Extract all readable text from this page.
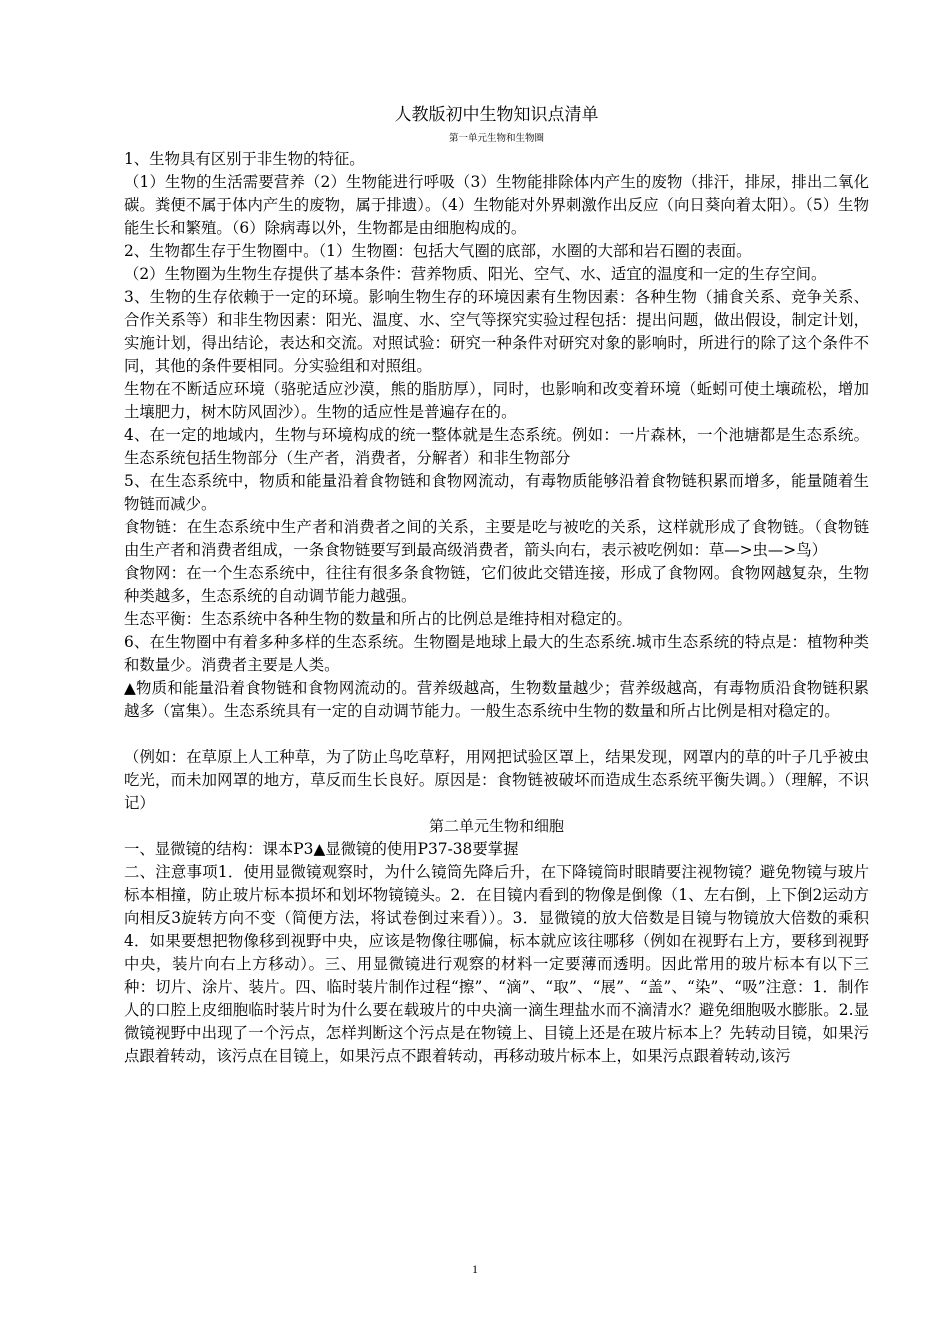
人教版初中生物知识点清单
第一单元生物和生物圈

1、生物具有区别于非生物的特征。

（1）生物的生活需要营养（2）生物能进行呼吸（3）生物能排除体内产生的废物（排汗，排尿，排出二氧化碳。粪便不属于体内产生的废物，属于排遗）。（4）生物能对外界刺激作出反应（向日葵向着太阳）。（5）生物能生长和繁殖。（6）除病毒以外，生物都是由细胞构成的。

2、生物都生存于生物圈中。（1）生物圈：包括大气圈的底部，水圈的大部和岩石圈的表面。

（2）生物圈为生物生存提供了基本条件：营养物质、阳光、空气、水、适宜的温度和一定的生存空间。

3、生物的生存依赖于一定的环境。影响生物生存的环境因素有生物因素：各种生物（捕食关系、竞争关系、合作关系等）和非生物因素：阳光、温度、水、空气等探究实验过程包括：提出问题，做出假设，制定计划，实施计划，得出结论，表达和交流。对照试验：研究一种条件对研究对象的影响时，所进行的除了这个条件不同，其他的条件要相同。分实验组和对照组。

生物在不断适应环境（骆驼适应沙漠，熊的脂肪厚），同时，也影响和改变着环境（蚯蚓可使土壤疏松，增加土壤肥力，树木防风固沙）。生物的适应性是普遍存在的。

4、在一定的地域内，生物与环境构成的统一整体就是生态系统。例如：一片森林，一个池塘都是生态系统。生态系统包括生物部分（生产者，消费者，分解者）和非生物部分

5、在生态系统中，物质和能量沿着食物链和食物网流动，有毒物质能够沿着食物链积累而增多，能量随着生物链而减少。

食物链：在生态系统中生产者和消费者之间的关系，主要是吃与被吃的关系，这样就形成了食物链。（食物链由生产者和消费者组成，一条食物链要写到最高级消费者，箭头向右，表示被吃例如：草—>虫—>鸟）

食物网：在一个生态系统中，往往有很多条食物链，它们彼此交错连接，形成了食物网。食物网越复杂，生物种类越多，生态系统的自动调节能力越强。

生态平衡：生态系统中各种生物的数量和所占的比例总是维持相对稳定的。

6、在生物圈中有着多种多样的生态系统。生物圈是地球上最大的生态系统.城市生态系统的特点是：植物种类和数量少。消费者主要是人类。

▲物质和能量沿着食物链和食物网流动的。营养级越高，生物数量越少；营养级越高，有毒物质沿食物链积累越多（富集）。生态系统具有一定的自动调节能力。一般生态系统中生物的数量和所占比例是相对稳定的。

（例如：在草原上人工种草，为了防止鸟吃草籽，用网把试验区罩上，结果发现，网罩内的草的叶子几乎被虫吃光，而未加网罩的地方，草反而生长良好。原因是：食物链被破坏而造成生态系统平衡失调。）（理解，不识记）

第二单元生物和细胞

一、显微镜的结构：课本P3▲显微镜的使用P37-38要掌握

二、注意事项1．使用显微镜观察时，为什么镜筒先降后升，在下降镜筒时眼睛要注视物镜？避免物镜与玻片标本相撞，防止玻片标本损坏和划坏物镜镜头。2．在目镜内看到的物像是倒像（1、左右倒，上下倒2运动方向相反3旋转方向不变（简便方法，将试卷倒过来看））。3．显微镜的放大倍数是目镜与物镜放大倍数的乘积4．如果要想把物像移到视野中央，应该是物像往哪偏，标本就应该往哪移（例如在视野右上方，要移到视野中央，装片向右上方移动）。三、用显微镜进行观察的材料一定要薄而透明。因此常用的玻片标本有以下三种：切片、涂片、装片。四、临时装片制作过程“擦”、“滴”、“取”、“展”、“盖”、“染”、“吸”注意：1．制作人的口腔上皮细胞临时装片时为什么要在载玻片的中央滴一滴生理盐水而不滴清水？避免细胞吸水膨胀。2.显微镜视野中出现了一个污点，怎样判断这个污点是在物镜上、目镜上还是在玻片标本上？先转动目镜，如果污点跟着转动，该污点在目镜上，如果污点不跟着转动，再移动玻片标本上，如果污点跟着转动,该污

1
